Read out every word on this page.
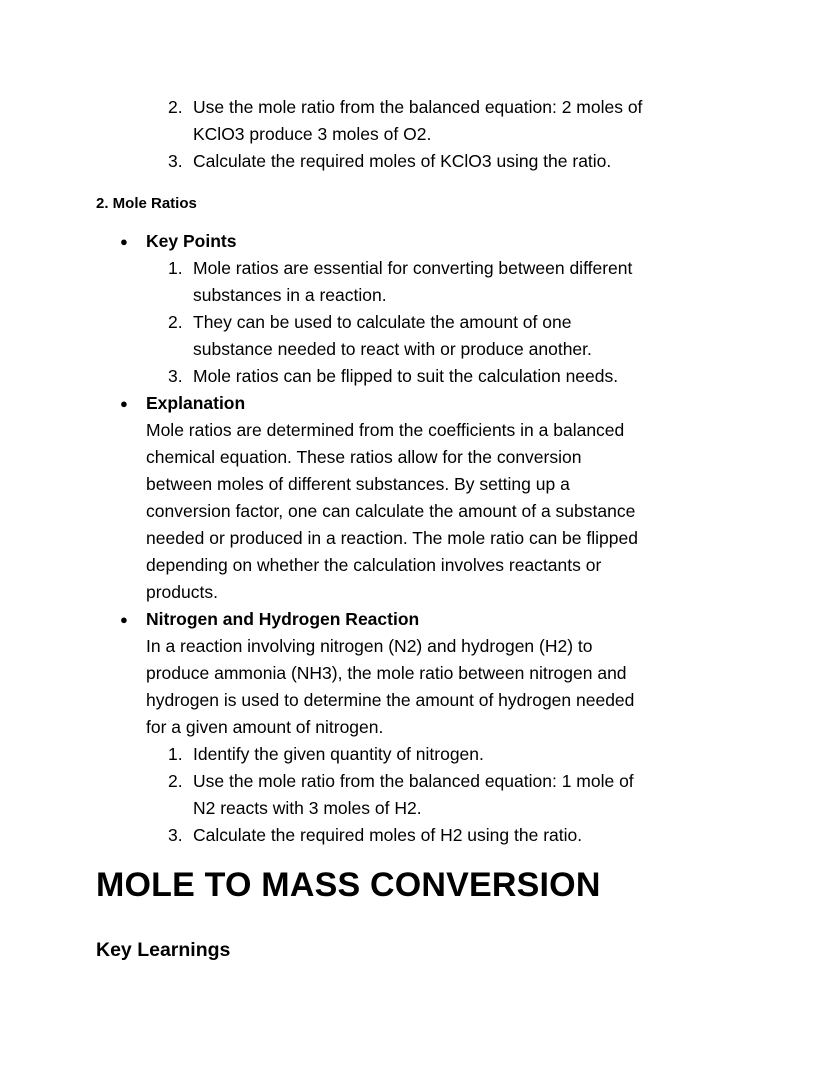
2. Use the mole ratio from the balanced equation: 2 moles of
KClO3 produce 3 moles of O2.
3. Calculate the required moles of KClO3 using the ratio.
2. Mole Ratios
● Key Points
1. Mole ratios are essential for converting between different
substances in a reaction.
2. They can be used to calculate the amount of one
substance needed to react with or produce another.
3. Mole ratios can be flipped to suit the calculation needs.
● Explanation
Mole ratios are determined from the coefficients in a balanced
chemical equation. These ratios allow for the conversion
between moles of different substances. By setting up a
conversion factor, one can calculate the amount of a substance
needed or produced in a reaction. The mole ratio can be flipped
depending on whether the calculation involves reactants or
products.
● Nitrogen and Hydrogen Reaction
In a reaction involving nitrogen (N2) and hydrogen (H2) to
produce ammonia (NH3), the mole ratio between nitrogen and
hydrogen is used to determine the amount of hydrogen needed
for a given amount of nitrogen.
1. Identify the given quantity of nitrogen.
2. Use the mole ratio from the balanced equation: 1 mole of
N2 reacts with 3 moles of H2.
3. Calculate the required moles of H2 using the ratio.
MOLE TO MASS CONVERSION
Key Learnings
